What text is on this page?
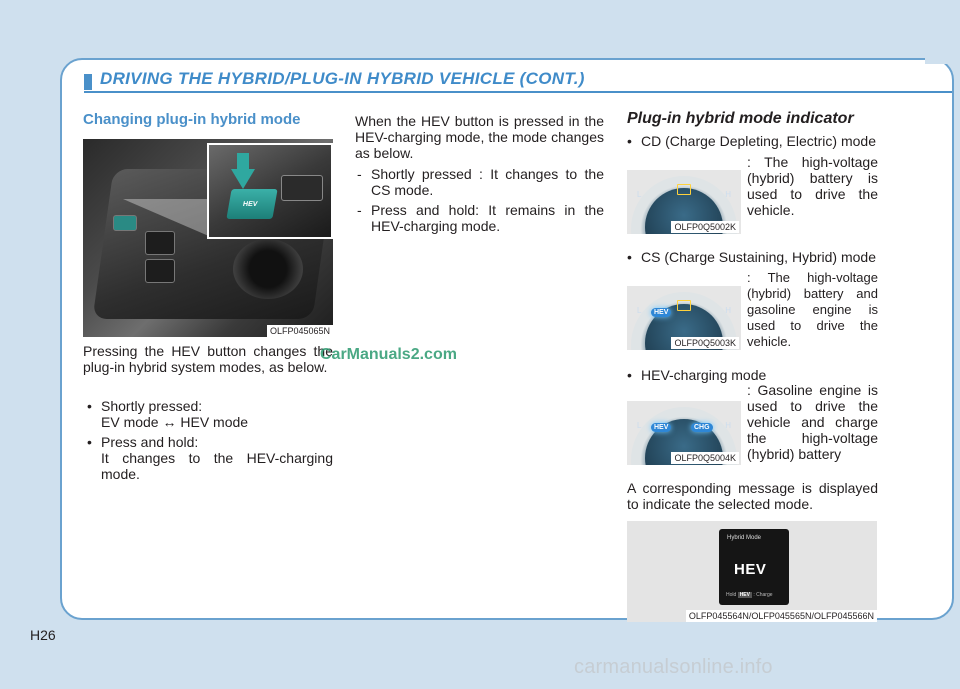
DRIVING THE HYBRID/PLUG-IN HYBRID VEHICLE (CONT.)
Changing plug-in hybrid mode
HEV
OLFP045065N
Pressing the HEV button changes the plug-in hybrid system modes, as below.
• Shortly pressed:
EV mode ↔ HEV mode
• Press and hold:
It changes to the HEV-charging mode.
When the HEV button is pressed in the HEV-charging mode, the mode changes as below.
- Shortly pressed : It changes to the CS mode.
- Press and hold: It remains in the HEV-charging mode.
Plug-in hybrid mode indicator
• CD (Charge Depleting, Electric) mode
L	H
OLFP0Q5002K
: The high-voltage (hybrid) battery is used to drive the vehicle.
• CS (Charge Sustaining, Hybrid) mode
L	H
HEV
OLFP0Q5003K
: The high-voltage (hybrid) battery and gasoline engine is used to drive the vehicle.
• HEV-charging mode
L	H
HEV	CHG
OLFP0Q5004K
: Gasoline engine is used to drive the vehicle and charge the high-voltage (hybrid) battery
A corresponding message is displayed to indicate the selected mode.
Hybrid Mode
HEV
Hold HEV : Charge
OLFP045564N/OLFP045565N/OLFP045566N
CarManuals2.com
H26
carmanualsonline.info
